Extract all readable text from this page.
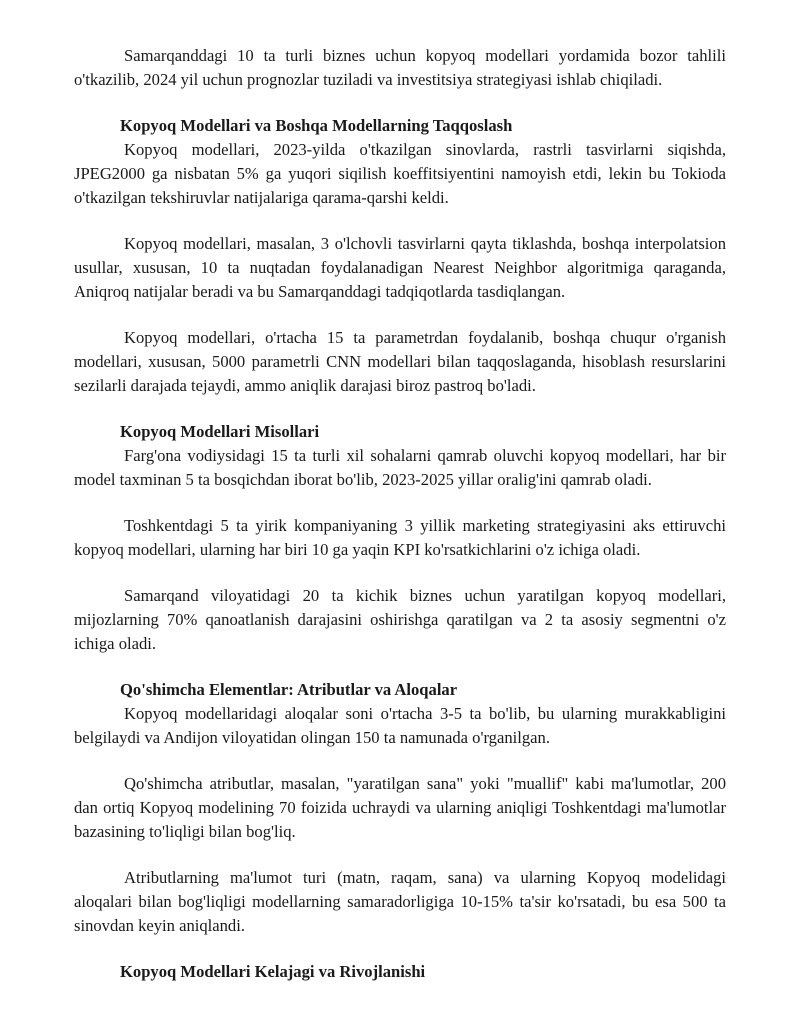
Samarqanddagi 10 ta turli biznes uchun kopyoq modellari yordamida bozor tahlili o'tkazilib, 2024 yil uchun prognozlar tuziladi va investitsiya strategiyasi ishlab chiqiladi.

Kopyoq Modellari va Boshqa Modellarning Taqqoslash

Kopyoq modellari, 2023-yilda o'tkazilgan sinovlarda, rastrli tasvirlarni siqishda, JPEG2000 ga nisbatan 5% ga yuqori siqilish koeffitsiyentini namoyish etdi, lekin bu Tokioda o'tkazilgan tekshiruvlar natijalariga qarama-qarshi keldi.

Kopyoq modellari, masalan, 3 o'lchovli tasvirlarni qayta tiklashda, boshqa interpolatsion usullar, xususan, 10 ta nuqtadan foydalanadigan Nearest Neighbor algoritmiga qaraganda, Aniqroq natijalar beradi va bu Samarqanddagi tadqiqotlarda tasdiqlangan.

Kopyoq modellari, o'rtacha 15 ta parametrdan foydalanib, boshqa chuqur o'rganish modellari, xususan, 5000 parametrli CNN modellari bilan taqqoslaganda, hisoblash resurslarini sezilarli darajada tejaydi, ammo aniqlik darajasi biroz pastroq bo'ladi.

Kopyoq Modellari Misollari

Farg'ona vodiysidagi 15 ta turli xil sohalarni qamrab oluvchi kopyoq modellari, har bir model taxminan 5 ta bosqichdan iborat bo'lib, 2023-2025 yillar oralig'ini qamrab oladi.

Toshkentdagi 5 ta yirik kompaniyaning 3 yillik marketing strategiyasini aks ettiruvchi kopyoq modellari, ularning har biri 10 ga yaqin KPI ko'rsatkichlarini o'z ichiga oladi.

Samarqand viloyatidagi 20 ta kichik biznes uchun yaratilgan kopyoq modellari, mijozlarning 70% qanoatlanish darajasini oshirishga qaratilgan va 2 ta asosiy segmentni o'z ichiga oladi.

Qo'shimcha Elementlar: Atributlar va Aloqalar

Kopyoq modellaridagi aloqalar soni o'rtacha 3-5 ta bo'lib, bu ularning murakkabligini belgilaydi va Andijon viloyatidan olingan 150 ta namunada o'rganilgan.

Qo'shimcha atributlar, masalan, "yaratilgan sana" yoki "muallif" kabi ma'lumotlar, 200 dan ortiq Kopyoq modelining 70 foizida uchraydi va ularning aniqligi Toshkentdagi ma'lumotlar bazasining to'liqligi bilan bog'liq.

Atributlarning ma'lumot turi (matn, raqam, sana) va ularning Kopyoq modelidagi aloqalari bilan bog'liqligi modellarning samaradorligiga 10-15% ta'sir ko'rsatadi, bu esa 500 ta sinovdan keyin aniqlandi.

Kopyoq Modellari Kelajagi va Rivojlanishi
